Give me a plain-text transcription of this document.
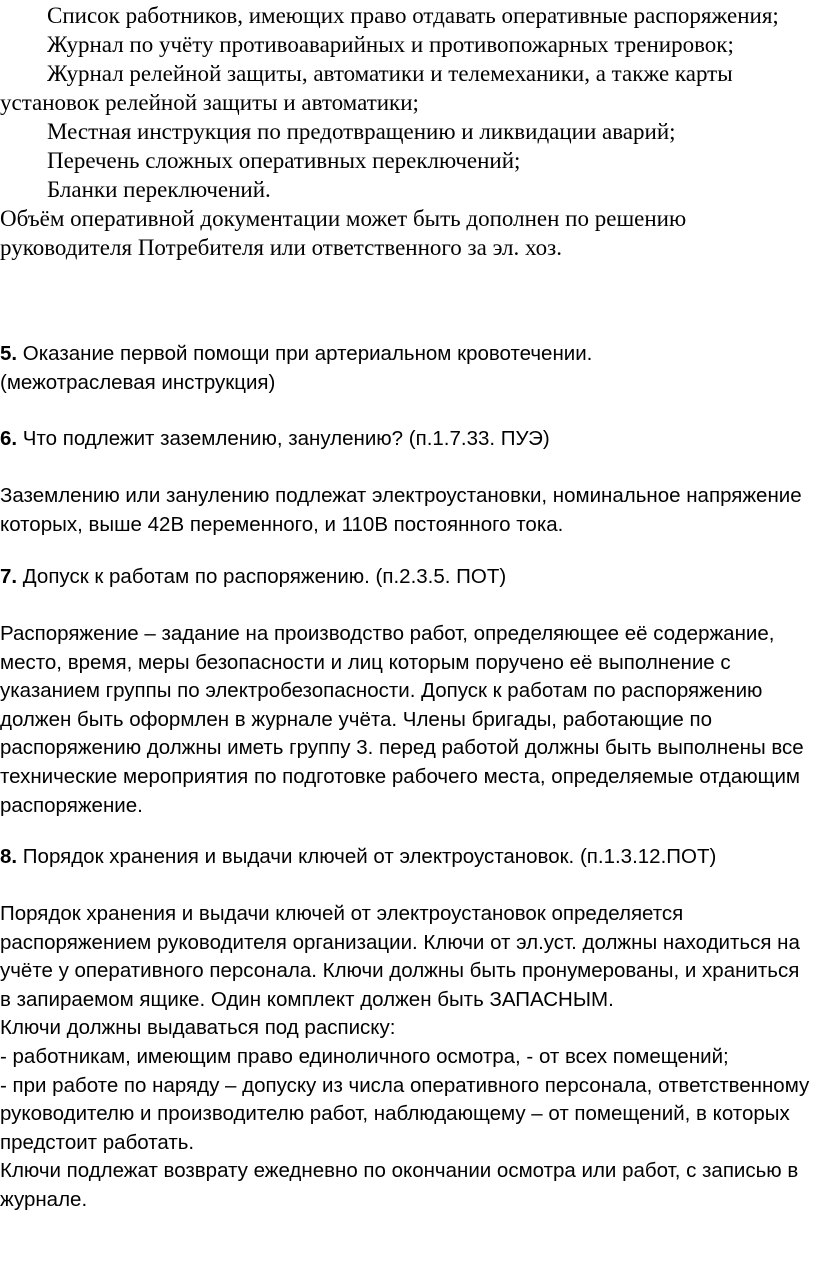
Список работников, имеющих право отдавать оперативные распоряжения;

Журнал по учёту противоаварийных и противопожарных тренировок;

Журнал релейной защиты, автоматики и телемеханики, а также карты установок релейной защиты и автоматики;

Местная инструкция по предотвращению и ликвидации аварий;

Перечень сложных оперативных переключений;

Бланки переключений.

Объём оперативной документации может быть дополнен по решению руководителя Потребителя или ответственного за эл. хоз.

5. Оказание первой помощи при артериальном кровотечении.

(межотраслевая инструкция)

6. Что подлежит заземлению, занулению? (п.1.7.33. ПУЭ)

Заземлению или занулению подлежат электроустановки, номинальное напряжение которых, выше 42В переменного, и 110В постоянного тока.

7. Допуск к работам по распоряжению. (п.2.3.5. ПОТ)

Распоряжение – задание на производство работ, определяющее её содержание, место, время, меры безопасности и лиц которым поручено её выполнение с указанием группы по электробезопасности. Допуск к работам по распоряжению должен быть оформлен в журнале учёта. Члены бригады, работающие по распоряжению должны иметь группу 3. перед работой должны быть выполнены все технические мероприятия по подготовке рабочего места, определяемые отдающим распоряжение.

8. Порядок хранения и выдачи ключей от электроустановок. (п.1.3.12.ПОТ)

Порядок хранения и выдачи ключей от электроустановок определяется распоряжением руководителя организации. Ключи от эл.уст. должны находиться на учёте у оперативного персонала. Ключи должны быть пронумерованы, и храниться в запираемом ящике. Один комплект должен быть ЗАПАСНЫМ.

Ключи должны выдаваться под расписку:

- работникам, имеющим право единоличного осмотра, - от всех помещений;

- при работе по наряду – допуску из числа оперативного персонала, ответственному руководителю и производителю работ, наблюдающему – от помещений, в которых предстоит работать.

Ключи подлежат возврату ежедневно по окончании осмотра или работ, с записью в журнале.
